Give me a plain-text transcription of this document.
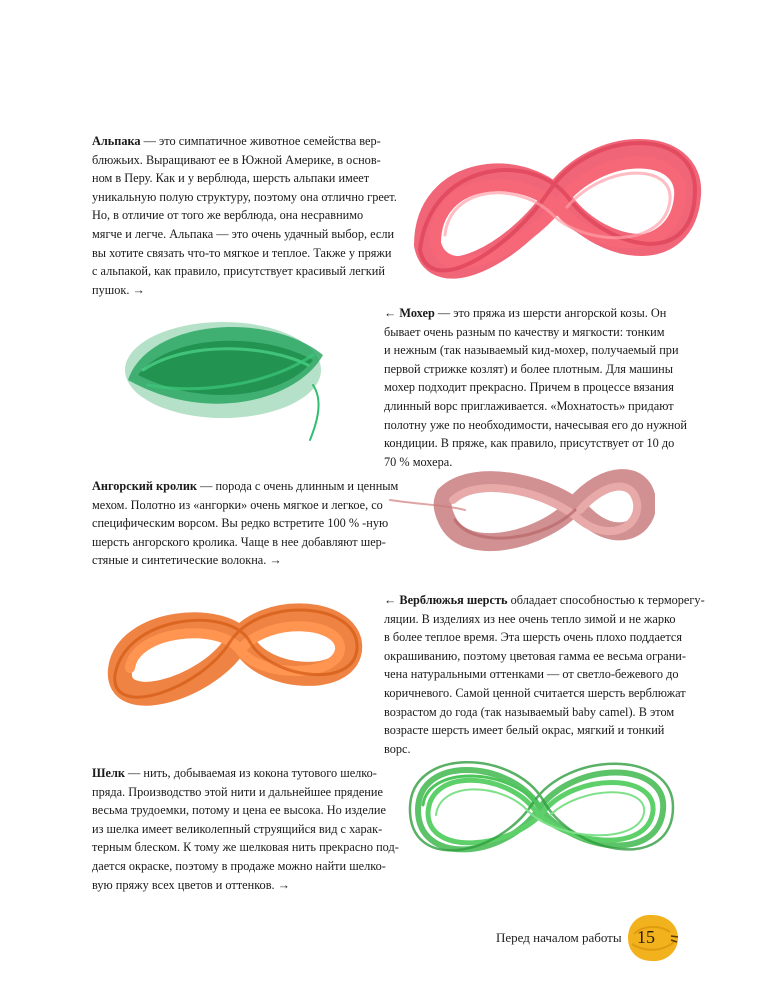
Альпака — это симпатичное животное семейства вер-
блюжьих. Выращивают ее в Южной Америке, в основ-
ном в Перу. Как и у верблюда, шерсть альпаки имеет
уникальную полую структуру, поэтому она отлично греет.
Но, в отличие от того же верблюда, она несравнимо
мягче и легче. Альпака — это очень удачный выбор, если
вы хотите связать что-то мягкое и теплое. Также у пряжи
с альпакой, как правило, присутствует красивый легкий
пушок. →
← Мохер — это пряжа из шерсти ангорской козы. Он
бывает очень разным по качеству и мягкости: тонким
и нежным (так называемый кид-мохер, получаемый при
первой стрижке козлят) и более плотным. Для машины
мохер подходит прекрасно. Причем в процессе вязания
длинный ворс приглаживается. «Мохнатость» придают
полотну уже по необходимости, начесывая его до нужной
кондиции. В пряже, как правило, присутствует от 10 до
70 % мохера.
Ангорский кролик — порода с очень длинным и ценным
мехом. Полотно из «ангорки» очень мягкое и легкое, со
специфическим ворсом. Вы редко встретите 100 % -ную
шерсть ангорского кролика. Чаще в нее добавляют шер-
стяные и синтетические волокна. →
← Верблюжья шерсть обладает способностью к терморегу-
ляции. В изделиях из нее очень тепло зимой и не жарко
в более теплое время. Эта шерсть очень плохо поддается
окрашиванию, поэтому цветовая гамма ее весьма ограни-
чена натуральными оттенками — от светло-бежевого до
коричневого. Самой ценной считается шерсть верблюжат
возрастом до года (так называемый baby camel). В этом
возрасте шерсть имеет белый окрас, мягкий и тонкий
ворс.
Шелк — нить, добываемая из кокона тутового шелко-
пряда. Производство этой нити и дальнейшее прядение
весьма трудоемки, потому и цена ее высока. Но изделие
из шелка имеет великолепный струящийся вид с харак-
терным блеском. К тому же шелковая нить прекрасно под-
дается окраске, поэтому в продаже можно найти шелко-
вую пряжу всех цветов и оттенков. →
Перед началом работы 15
